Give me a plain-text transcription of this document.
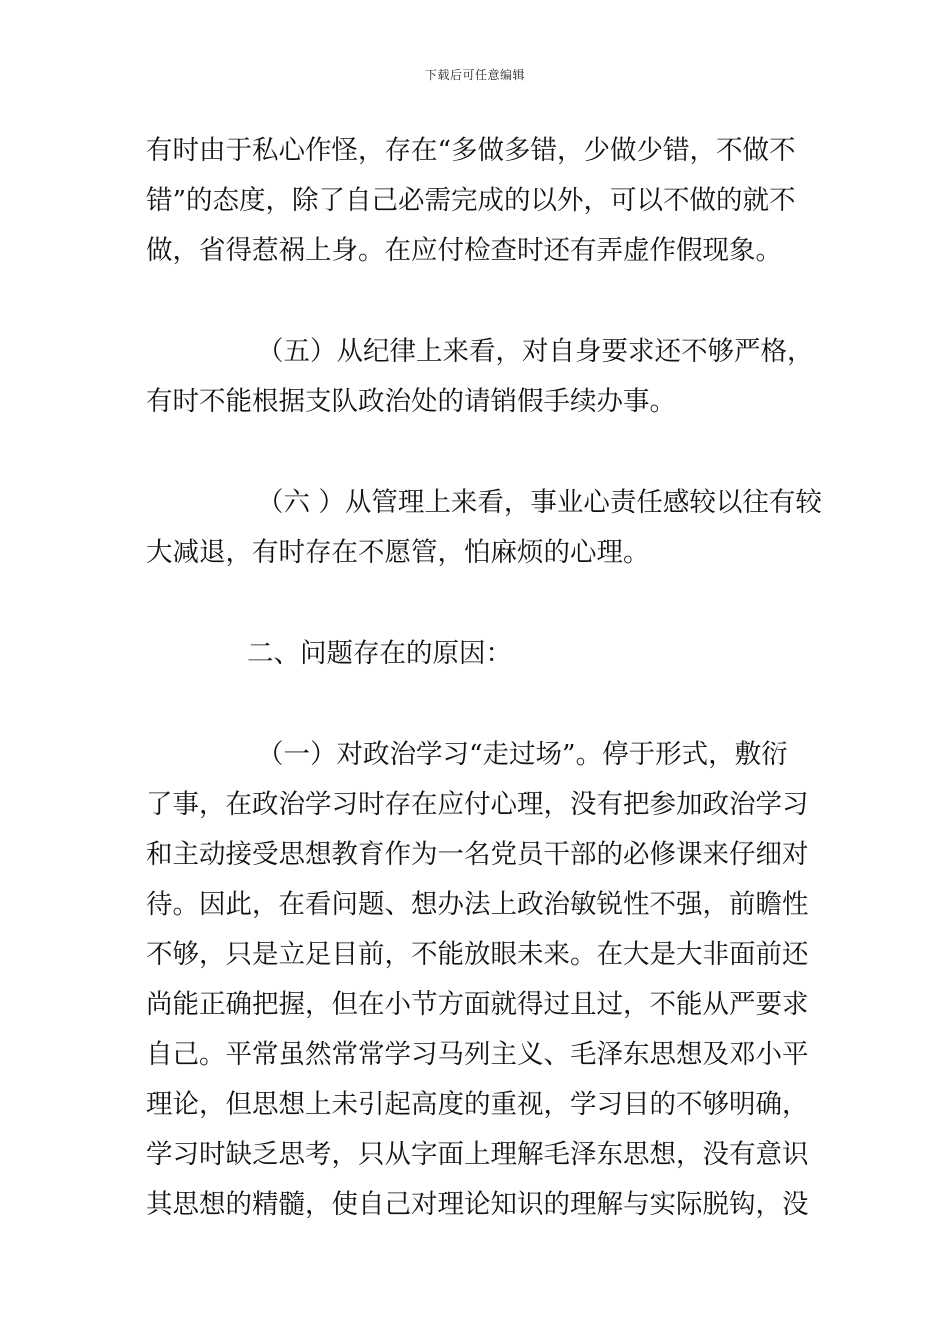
下载后可任意编辑
有时由于私心作怪，存在“多做多错，少做少错，不做不
错”的态度，除了自己必需完成的以外，可以不做的就不
做，省得惹祸上身。在应付检查时还有弄虚作假现象。
（五）从纪律上来看，对自身要求还不够严格，
有时不能根据支队政治处的请销假手续办事。
（六 ）从管理上来看，事业心责任感较以往有较
大减退，有时存在不愿管，怕麻烦的心理。
二、问题存在的原因：
（一）对政治学习“走过场”。停于形式，敷衍
了事，在政治学习时存在应付心理，没有把参加政治学习
和主动接受思想教育作为一名党员干部的必修课来仔细对
待。因此，在看问题、想办法上政治敏锐性不强，前瞻性
不够，只是立足目前，不能放眼未来。在大是大非面前还
尚能正确把握，但在小节方面就得过且过，不能从严要求
自己。平常虽然常常学习马列主义、毛泽东思想及邓小平
理论，但思想上未引起高度的重视，学习目的不够明确，
学习时缺乏思考，只从字面上理解毛泽东思想，没有意识
其思想的精髓，使自己对理论知识的理解与实际脱钩，没
